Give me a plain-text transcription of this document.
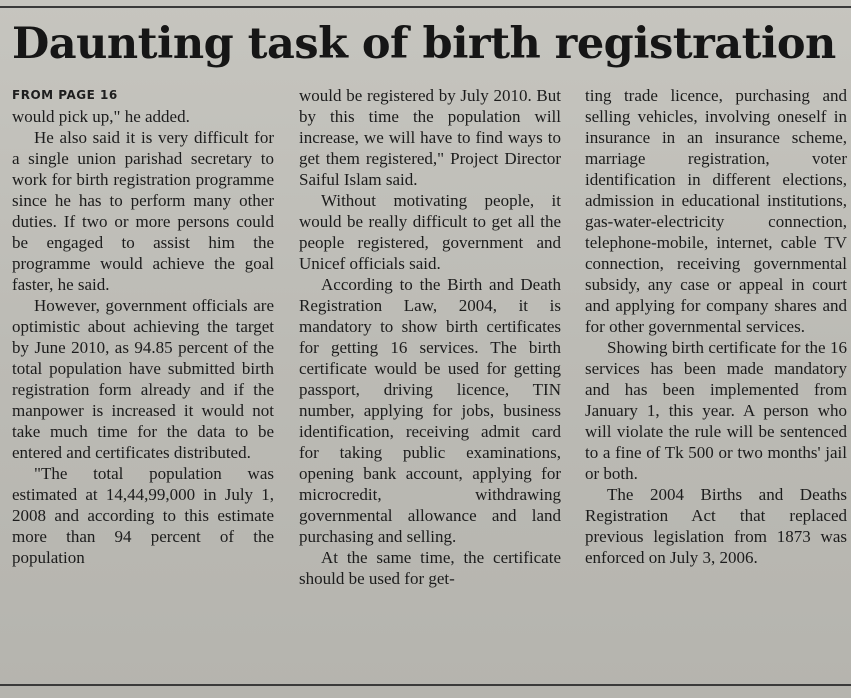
Daunting task of birth registration
FROM PAGE 16

would pick up," he added.

He also said it is very difficult for a single union parishad secretary to work for birth registration programme since he has to perform many other duties. If two or more persons could be engaged to assist him the programme would achieve the goal faster, he said.

However, government officials are optimistic about achieving the target by June 2010, as 94.85 percent of the total population have submitted birth registration form already and if the manpower is increased it would not take much time for the data to be entered and certificates distributed.

"The total population was estimated at 14,44,99,000 in July 1, 2008 and according to this estimate more than 94 percent of the population

would be registered by July 2010. But by this time the population will increase, we will have to find ways to get them registered," Project Director Saiful Islam said.

Without motivating people, it would be really difficult to get all the people registered, government and Unicef officials said.

According to the Birth and Death Registration Law, 2004, it is mandatory to show birth certificates for getting 16 services. The birth certificate would be used for getting passport, driving licence, TIN number, applying for jobs, business identification, receiving admit card for taking public examinations, opening bank account, applying for microcredit, withdrawing governmental allowance and land purchasing and selling.

At the same time, the certificate should be used for get-

ting trade licence, purchasing and selling vehicles, involving oneself in insurance in an insurance scheme, marriage registration, voter identification in different elections, admission in educational institutions, gas-water-electricity connection, telephone-mobile, internet, cable TV connection, receiving governmental subsidy, any case or appeal in court and applying for company shares and for other governmental services.

Showing birth certificate for the 16 services has been made mandatory and has been implemented from January 1, this year. A person who will violate the rule will be sentenced to a fine of Tk 500 or two months' jail or both.

The 2004 Births and Deaths Registration Act that replaced previous legislation from 1873 was enforced on July 3, 2006.
